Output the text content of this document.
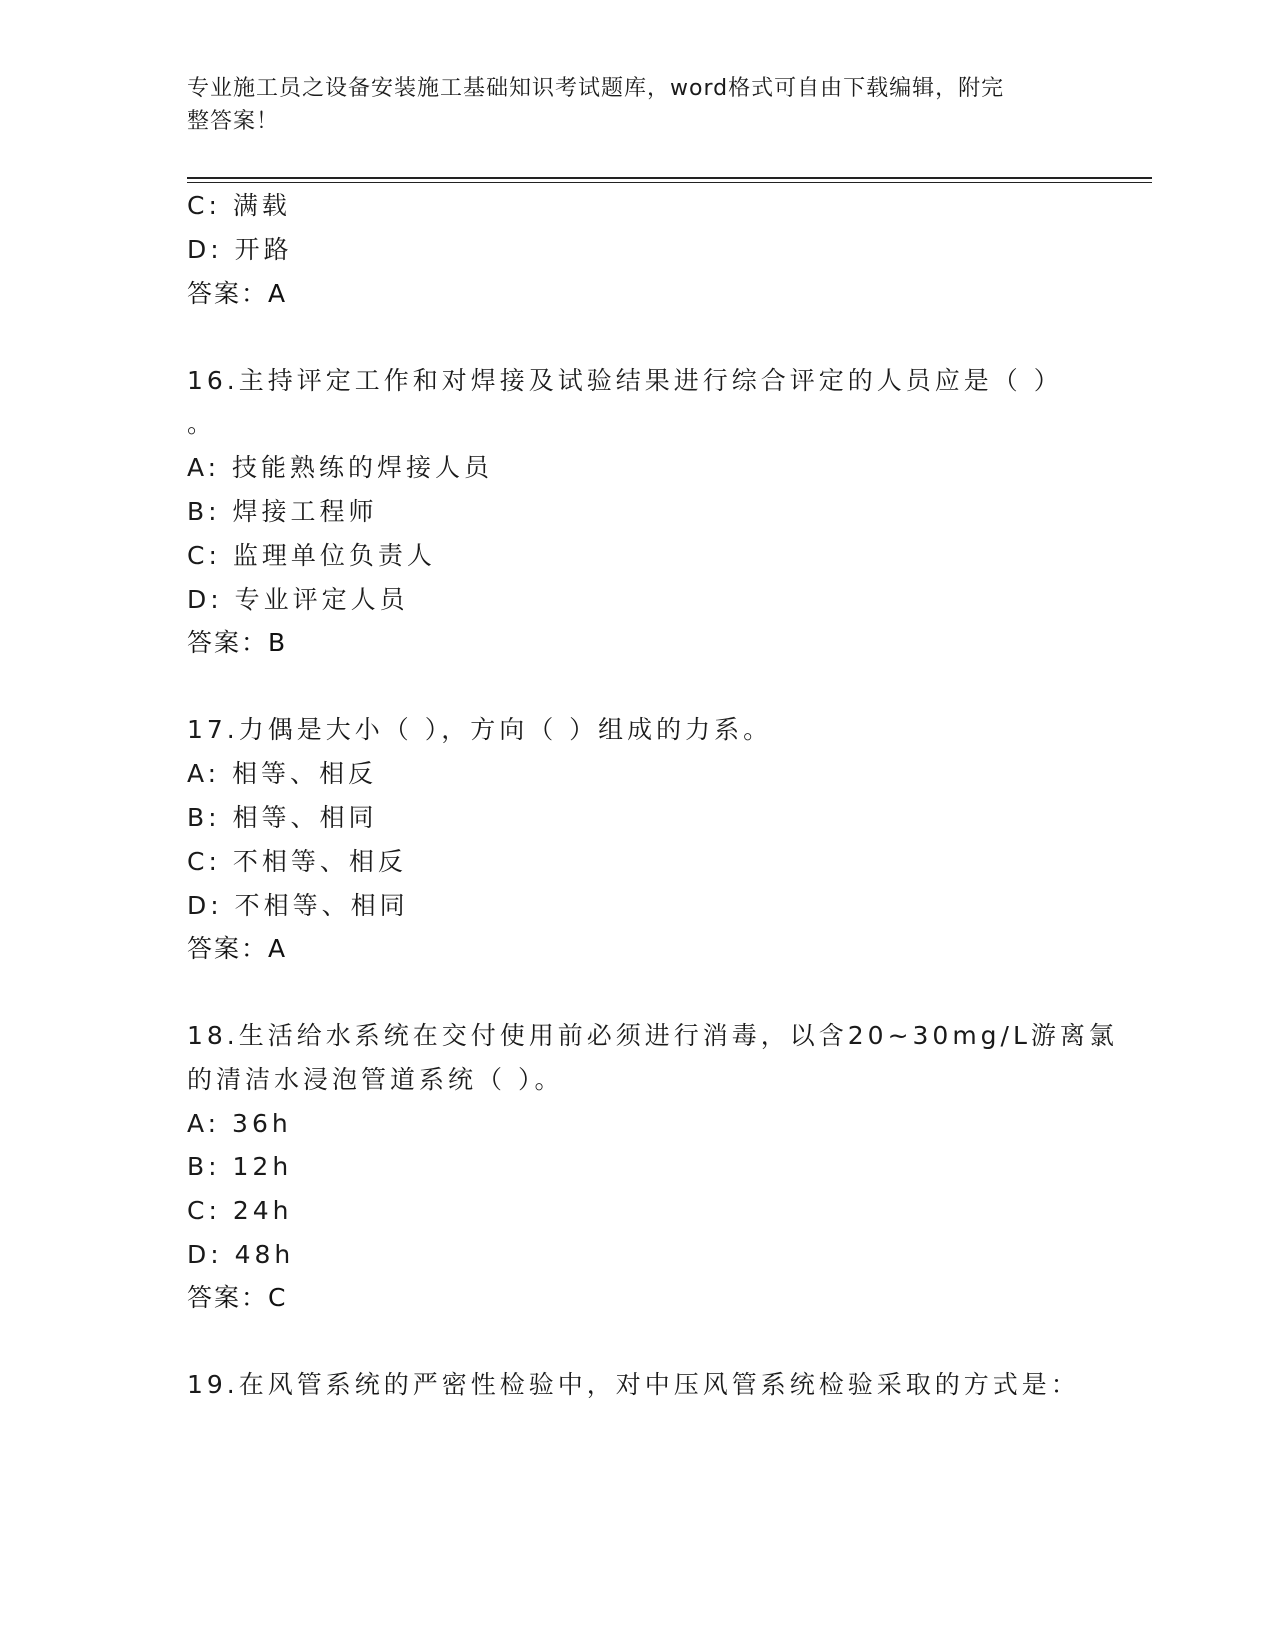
专业施工员之设备安装施工基础知识考试题库，word格式可自由下载编辑，附完
整答案！
C: 满载
D: 开路
答案：A
16.主持评定工作和对焊接及试验结果进行综合评定的人员应是（ ）
。
A: 技能熟练的焊接人员
B: 焊接工程师
C: 监理单位负责人
D: 专业评定人员
答案：B
17.力偶是大小（ ），方向（ ）组成的力系。
A: 相等、相反
B: 相等、相同
C: 不相等、相反
D: 不相等、相同
答案：A
18.生活给水系统在交付使用前必须进行消毒，以含20~30mg/L游离氯
的清洁水浸泡管道系统（ ）。
A: 36h
B: 12h
C: 24h
D: 48h
答案：C
19.在风管系统的严密性检验中，对中压风管系统检验采取的方式是：
